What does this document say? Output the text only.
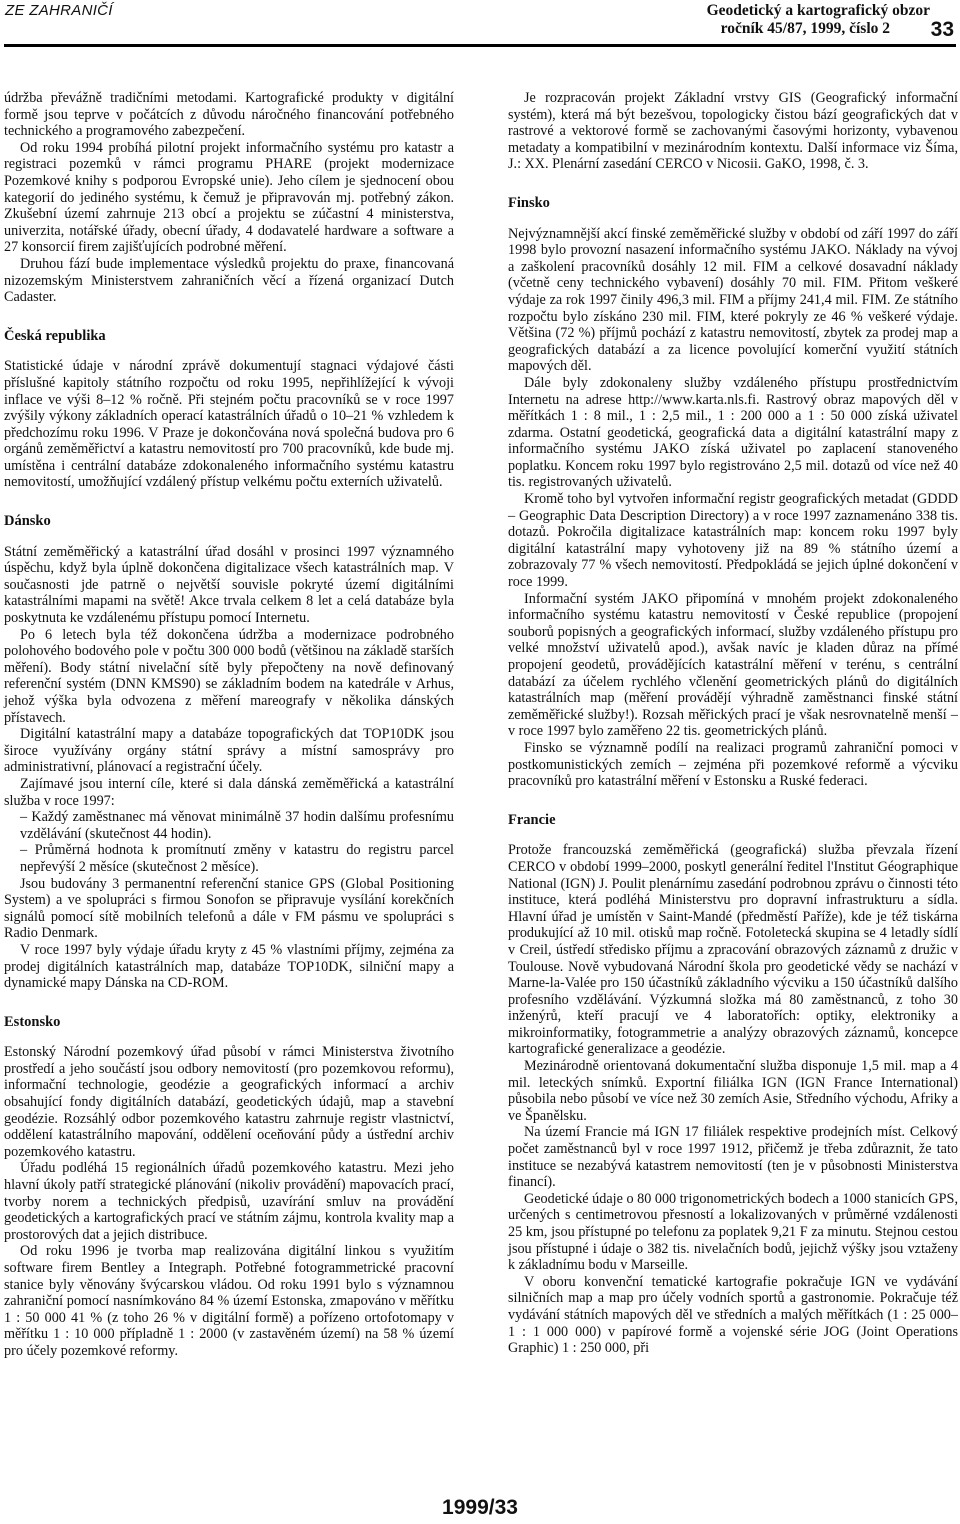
ZE ZAHRANIČÍ	Geodetický a kartografický obzor
ročník 45/87, 1999, číslo 2	33

údržba převážně tradičními metodami. Kartografické produkty v digitální formě jsou teprve v počátcích z důvodu náročného financování potřebného technického a programového zabezpečení.

Od roku 1994 probíhá pilotní projekt informačního systému pro katastr a registraci pozemků v rámci programu PHARE (projekt modernizace Pozemkové knihy s podporou Evropské unie). Jeho cílem je sjednocení obou kategorií do jediného systému, k čemuž je připravován mj. potřebný zákon. Zkušební území zahrnuje 213 obcí a projektu se zúčastní 4 ministerstva, univerzita, notářské úřady, obecní úřady, 4 dodavatelé hardware a software a 27 konsorcií firem zajišťujících podrobné měření.

Druhou fází bude implementace výsledků projektu do praxe, financovaná nizozemským Ministerstvem zahraničních věcí a řízená organizací Dutch Cadaster.

Česká republika

Statistické údaje v národní zprávě dokumentují stagnaci výdajové části příslušné kapitoly státního rozpočtu od roku 1995, nepřihlížející k vývoji inflace ve výši 8–12 % ročně. Při stejném počtu pracovníků se v roce 1997 zvýšily výkony základních operací katastrálních úřadů o 10–21 % vzhledem k předchozímu roku 1996. V Praze je dokončována nová společná budova pro 6 orgánů zeměměřictví a katastru nemovitostí pro 700 pracovníků, kde bude mj. umístěna i centrální databáze zdokonaleného informačního systému katastru nemovitostí, umožňující vzdálený přístup velkému počtu externích uživatelů.

Dánsko

Státní zeměměřický a katastrální úřad dosáhl v prosinci 1997 významného úspěchu, když byla úplně dokončena digitalizace všech katastrálních map. V současnosti jde patrně o největší souvisle pokryté území digitálními katastrálními mapami na světě! Akce trvala celkem 8 let a celá databáze byla poskytnuta ke vzdálenému přístupu pomocí Internetu.

Po 6 letech byla též dokončena údržba a modernizace podrobného polohového bodového pole v počtu 300 000 bodů (většinou na základě starších měření). Body státní nivelační sítě byly přepočteny na nově definovaný referenční systém (DNN KMS90) se základním bodem na katedrále v Arhus, jehož výška byla odvozena z měření mareografy v několika dánských přístavech.

Digitální katastrální mapy a databáze topografických dat TOP10DK jsou široce využívány orgány státní správy a místní samosprávy pro administrativní, plánovací a registrační účely.

Zajímavé jsou interní cíle, které si dala dánská zeměměřická a katastrální služba v roce 1997:

– Každý zaměstnanec má věnovat minimálně 37 hodin dalšímu profesnímu vzdělávání (skutečnost 44 hodin).

– Průměrná hodnota k promítnutí změny v katastru do registru parcel nepřevýší 2 měsíce (skutečnost 2 měsíce).

Jsou budovány 3 permanentní referenční stanice GPS (Global Positioning System) a ve spolupráci s firmou Sonofon se připravuje vysílání korekčních signálů pomocí sítě mobilních telefonů a dále v FM pásmu ve spolupráci s Radio Denmark.

V roce 1997 byly výdaje úřadu kryty z 45 % vlastními příjmy, zejména za prodej digitálních katastrálních map, databáze TOP10DK, silniční mapy a dynamické mapy Dánska na CD-ROM.

Estonsko

Estonský Národní pozemkový úřad působí v rámci Ministerstva životního prostředí a jeho součástí jsou odbory nemovitostí (pro pozemkovou reformu), informační technologie, geodézie a geografických informací a archiv obsahující fondy digitálních databází, geodetických údajů, map a stavební geodézie. Rozsáhlý odbor pozemkového katastru zahrnuje registr vlastnictví, oddělení katastrálního mapování, oddělení oceňování půdy a ústřední archiv pozemkového katastru.

Úřadu podléhá 15 regionálních úřadů pozemkového katastru. Mezi jeho hlavní úkoly patří strategické plánování (nikoliv provádění) mapovacích prací, tvorby norem a technických předpisů, uzavírání smluv na provádění geodetických a kartografických prací ve státním zájmu, kontrola kvality map a prostorových dat a jejich distribuce.

Od roku 1996 je tvorba map realizována digitální linkou s využitím software firem Bentley a Integraph. Potřebné fotogrammetrické pracovní stanice byly věnovány švýcarskou vládou. Od roku 1991 bylo s významnou zahraniční pomocí nasnímkováno 84 % území Estonska, zmapováno v měřítku 1 : 50 000 41 % (z toho 26 % v digitální formě) a pořízeno ortofotomapy v měřítku 1 : 10 000 přípladně 1 : 2000 (v zastavěném území) na 58 % území pro účely pozemkové reformy.

Je rozpracován projekt Základní vrstvy GIS (Geografický informační systém), která má být bezešvou, topologicky čistou bází geografických dat v rastrové a vektorové formě se zachovanými časovými horizonty, vybavenou metadaty a kompatibilní v mezinárodním kontextu. Další informace viz Šíma, J.: XX. Plenární zasedání CERCO v Nicosii. GaKO, 1998, č. 3.

Finsko

Nejvýznamnější akcí finské zeměměřické služby v období od září 1997 do září 1998 bylo provozní nasazení informačního systému JAKO. Náklady na vývoj a zaškolení pracovníků dosáhly 12 mil. FIM a celkové dosavadní náklady (včetně ceny technického vybavení) dosáhly 70 mil. FIM. Přitom veškeré výdaje za rok 1997 činily 496,3 mil. FIM a příjmy 241,4 mil. FIM. Ze státního rozpočtu bylo získáno 230 mil. FIM, které pokryly ze 46 % veškeré výdaje. Většina (72 %) příjmů pochází z katastru nemovitostí, zbytek za prodej map a geografických databází a za licence povolující komerční využití státních mapových děl.

Dále byly zdokonaleny služby vzdáleného přístupu prostřednictvím Internetu na adrese http://www.karta.nls.fi. Rastrový obraz mapových děl v měřítkách 1 : 8 mil., 1 : 2,5 mil., 1 : 200 000 a 1 : 50 000 získá uživatel zdarma. Ostatní geodetická, geografická data a digitální katastrální mapy z informačního systému JAKO získá uživatel po zaplacení stanoveného poplatku. Koncem roku 1997 bylo registrováno 2,5 mil. dotazů od více než 40 tis. registrovaných uživatelů.

Kromě toho byl vytvořen informační registr geografických metadat (GDDD – Geographic Data Description Directory) a v roce 1997 zaznamenáno 338 tis. dotazů. Pokročila digitalizace katastrálních map: koncem roku 1997 byly digitální katastrální mapy vyhotoveny již na 89 % státního území a zobrazovaly 77 % všech nemovitostí. Předpokládá se jejich úplné dokončení v roce 1999.

Informační systém JAKO připomíná v mnohém projekt zdokonaleného informačního systému katastru nemovitostí v České republice (propojení souborů popisných a geografických informací, služby vzdáleného přístupu pro velké množství uživatelů apod.), avšak navíc je kladen důraz na přímé propojení geodetů, provádějících katastrální měření v terénu, s centrální databází za účelem rychlého včlenění geometrických plánů do digitálních katastrálních map (měření provádějí výhradně zaměstnanci finské státní zeměměřické služby!). Rozsah měřických prací je však nesrovnatelně menší – v roce 1997 bylo zaměřeno 22 tis. geometrických plánů.

Finsko se významně podílí na realizaci programů zahraniční pomoci v postkomunistických zemích – zejména při pozemkové reformě a výcviku pracovníků pro katastrální měření v Estonsku a Ruské federaci.

Francie

Protože francouzská zeměměřická (geografická) služba převzala řízení CERCO v období 1999–2000, poskytl generální ředitel l'Institut Géographique National (IGN) J. Poulit plenárnímu zasedání podrobnou zprávu o činnosti této instituce, která podléhá Ministerstvu pro dopravní infrastrukturu a sídla. Hlavní úřad je umístěn v Saint-Mandé (předměstí Paříže), kde je též tiskárna produkující až 10 mil. otisků map ročně. Fotoletecká skupina se 4 letadly sídlí v Creil, ústředí středisko příjmu a zpracování obrazových záznamů z družic v Toulouse. Nově vybudovaná Národní škola pro geodetické vědy se nachází v Marne-la-Valée pro 150 účastníků základního výcviku a 150 účastníků dalšího profesního vzdělávání. Výzkumná složka má 80 zaměstnanců, z toho 30 inženýrů, kteří pracují ve 4 laboratořích: optiky, elektroniky a mikroinformatiky, fotogrammetrie a analýzy obrazových záznamů, koncepce kartografické generalizace a geodézie.

Mezinárodně orientovaná dokumentační služba disponuje 1,5 mil. map a 4 mil. leteckých snímků. Exportní filiálka IGN (IGN France International) působila nebo působí ve více než 30 zemích Asie, Středního východu, Afriky a ve Španělsku.

Na území Francie má IGN 17 filiálek respektive prodejních míst. Celkový počet zaměstnanců byl v roce 1997 1912, přičemž je třeba zdůraznit, že tato instituce se nezabývá katastrem nemovitostí (ten je v působnosti Ministerstva financí).

Geodetické údaje o 80 000 trigonometrických bodech a 1000 stanicích GPS, určených s centimetrovou přesností a lokalizovaných v průměrné vzdálenosti 25 km, jsou přístupné po telefonu za poplatek 9,21 F za minutu. Stejnou cestou jsou přístupné i údaje o 382 tis. nivelačních bodů, jejichž výšky jsou vztaženy k základnímu bodu v Marseille.

V oboru konvenční tematické kartografie pokračuje IGN ve vydávání silničních map a map pro účely vodních sportů a gastronomie. Pokračuje též vydávání státních mapových děl ve středních a malých měřítkách (1 : 25 000–1 : 1 000 000) v papírové formě a vojenské série JOG (Joint Operations Graphic) 1 : 250 000, při

1999/33
